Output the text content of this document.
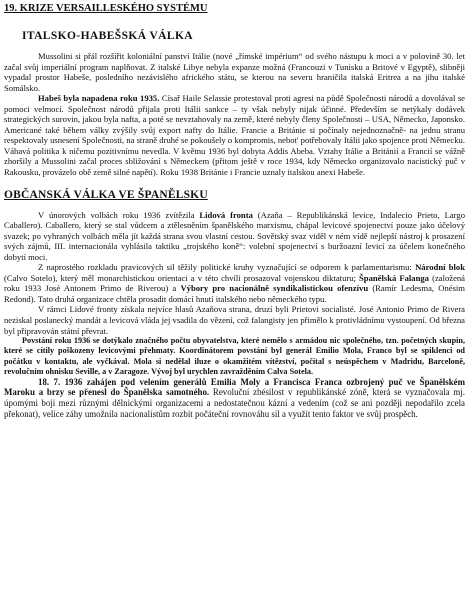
19. KRIZE VERSAILLESKÉHO SYSTÉMU

ITALSKO-HABEŠSKÁ VÁLKA

Mussolini si přál rozšířit koloniální panství Itálie (nové „římské impérium“ od svého nástupu k moci a v polovině 30. let začal svůj imperiální program naplňovat. Z italské Libye nebyla expanze možná (Francouzi v Tunisku a Britové v Egyptě), slibněji vypadal prostor Habeše, posledního nezávislého afrického státu, se kterou na severu hraničila italská Eritrea a na jihu italské Somálsko.

Habeš byla napadena roku 1935. Císař Haile Selassie protestoval proti agresi na půdě Společnosti národů a dovolával se pomoci velmocí. Společnost národů přijala proti Itálii sankce – ty však nebyly nijak účinné. Především se netýkaly dodávek strategických surovin, jakou byla nafta, a poté se nevztahovaly na země, které nebyly členy Společnosti – USA, Německo, Japonsko. Americané také během války zvýšily svůj export nafty do Itálie. Francie a Británie si počínaly nejednoznačně- na jednu stranu respektovaly usnesení Společnosti, na straně druhé se pokoušely o kompromis, nebot' potřebovaly Itálii jako spojence proti Německu. Váhavá politika k ničemu pozitivnímu nevedla. V květnu 1936 byl dobyta Addis Abeba. Vztahy Itálie a Británií a Francií se vážně zhoršily a Mussolini začal proces sbližování s Německem (přitom ještě v roce 1934, kdy Německo organizovalo nacistický puč v Rakousku, provázelo obě země silné napětí). Roku 1938 Británie i Francie uznaly italskou anexi Habeše.

OBČANSKÁ VÁLKA VE ŠPANĚLSKU

V únorových volbách roku 1936 zvítězila Lidová fronta (Azaňa – Republikánská levice, Indalecio Prieto, Largo Caballero). Caballero, který se stal vůdcem a ztělesněním španělského marxismu, chápal levicové spojenectví pouze jako účelový svazek; po vyhraných volbách měla jít každá strana svou vlastní cestou. Sovětský svaz viděl v ném vídě nejlepší nástroj k prosazení svých zájmů, III. internacionála vyhlásila taktiku „trojského koně“: volební spojenectví s buržoazní levicí za účelem konečného dobytí moci.

Z naprostého rozkladu pravicových sil těžily politické kruhy vyznačující se odporem k parlamentarismu: Národní blok (Calvo Sotelo), který měl monarchistickou orientaci a v této chvíli prosazoval vojenskou diktaturu; Španělská Falanga (založená roku 1933 José Antonem Primo de Riverou) a Výbory pro nacionálně syndikalistickou ofenzívu (Ramír Ledesma, Onésim Redond). Tato druhá organizace chtěla prosadit domácí hnutí italského nebo německého typu.

V rámci Lidové fronty získala nejvíce hlasů Azaňova strana, druzí byli Prietovi socialisté. José Antonio Primo de Rivera neziskal poslanecký mandát a levicová vláda jej vsadila do vězení, což falangisty jen přimělo k protivládnímu vystoupení. Od března byl připravován státní převrat.

Povstání roku 1936 se dotýkalo značného počtu obyvatelstva, které nemělo s armádou nic společného, tzn. početných skupin, které se cítily poškozeny levicovými přehmaty. Koordinátorem povstání byl generál Emilio Mola, Franco byl se spiklenci od počátku v kontaktu, ale vyčkával. Mola si nedělal iluze o okamžitém vítězství, počítal s neúspěchem v Madridu, Barceloně, revolučním ohnisku Seville, a v Zaragoze. Vývoj byl urychlen zavražděním Calva Sotela.

18. 7. 1936 zahájen pod velením generálů Emilia Moly a Francisca Franca ozbrojený puč ve Španělském Maroku a brzy se přenesl do Španělska samotného. Revoluční zbésilost v republikánské zóně, která se vyznačovala mj. úpomými boji mezi různými dělnickými organizacemi a nedostatečnou kázní a vedením (což se ani později nepodařilo zcela překonat), velice záhy umožnila nacionalistům rozbít počáteční rovnováhu sil a využít tento faktor ve svůj prospěch.
